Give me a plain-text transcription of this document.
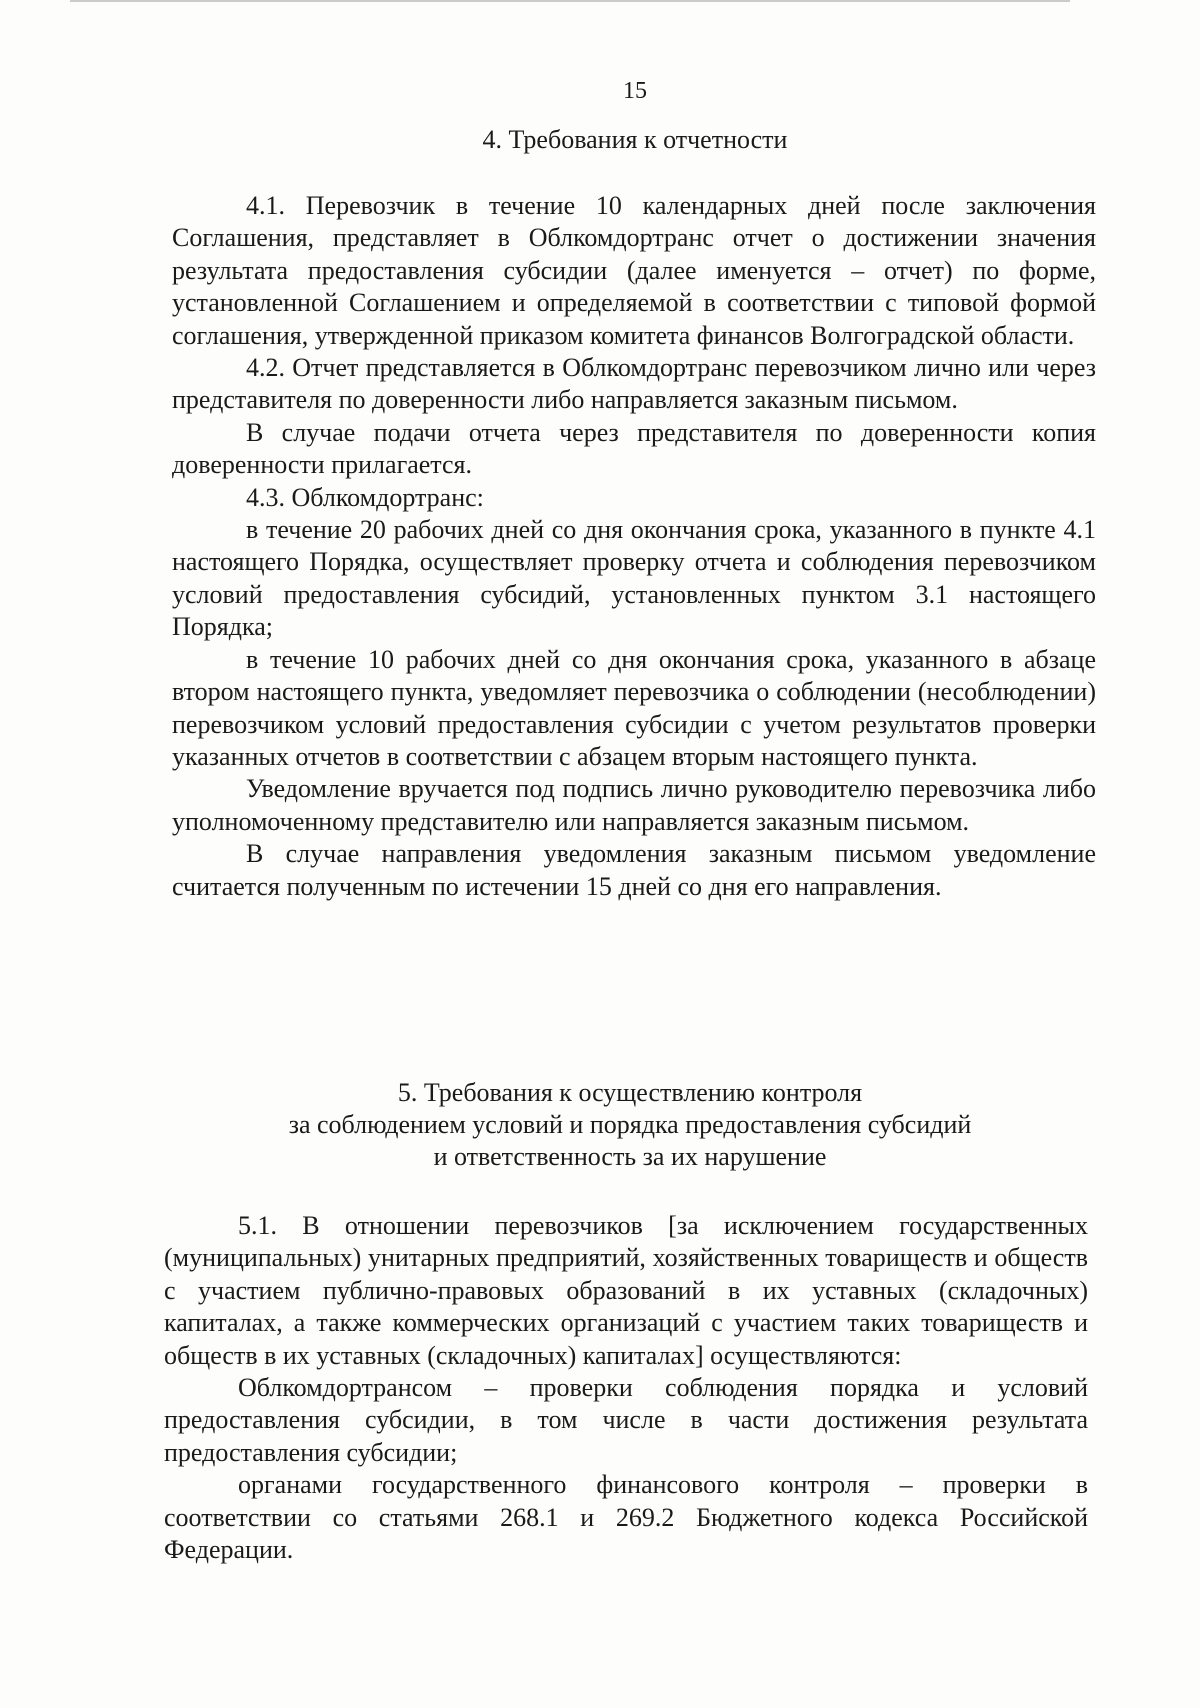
15
4. Требования к отчетности

4.1. Перевозчик в течение 10 календарных дней после заключения Соглашения, представляет в Облкомдортранс отчет о достижении значения результата предоставления субсидии (далее именуется – отчет) по форме, установленной Соглашением и определяемой в соответствии с типовой формой соглашения, утвержденной приказом комитета финансов Волгоградской области.

4.2. Отчет представляется в Облкомдортранс перевозчиком лично или через представителя по доверенности либо направляется заказным письмом.

В случае подачи отчета через представителя по доверенности копия доверенности прилагается.

4.3. Облкомдортранс:

в течение 20 рабочих дней со дня окончания срока, указанного в пункте 4.1 настоящего Порядка, осуществляет проверку отчета и соблюдения перевозчиком условий предоставления субсидий, установленных пунктом 3.1 настоящего Порядка;

в течение 10 рабочих дней со дня окончания срока, указанного в абзаце втором настоящего пункта, уведомляет перевозчика о соблюдении (несоблюдении) перевозчиком условий предоставления субсидии с учетом результатов проверки указанных отчетов в соответствии с абзацем вторым настоящего пункта.

Уведомление вручается под подпись лично руководителю перевозчика либо уполномоченному представителю или направляется заказным письмом.

В случае направления уведомления заказным письмом уведомление считается полученным по истечении 15 дней со дня его направления.

5. Требования к осуществлению контроля
за соблюдением условий и порядка предоставления субсидий
и ответственность за их нарушение

5.1. В отношении перевозчиков [за исключением государственных (муниципальных) унитарных предприятий, хозяйственных товариществ и обществ с участием публично-правовых образований в их уставных (складочных) капиталах, а также коммерческих организаций с участием таких товариществ и обществ в их уставных (складочных) капиталах] осуществляются:

Облкомдортрансом – проверки соблюдения порядка и условий предоставления субсидии, в том числе в части достижения результата предоставления субсидии;

органами государственного финансового контроля – проверки в соответствии со статьями 268.1 и 269.2 Бюджетного кодекса Российской Федерации.
